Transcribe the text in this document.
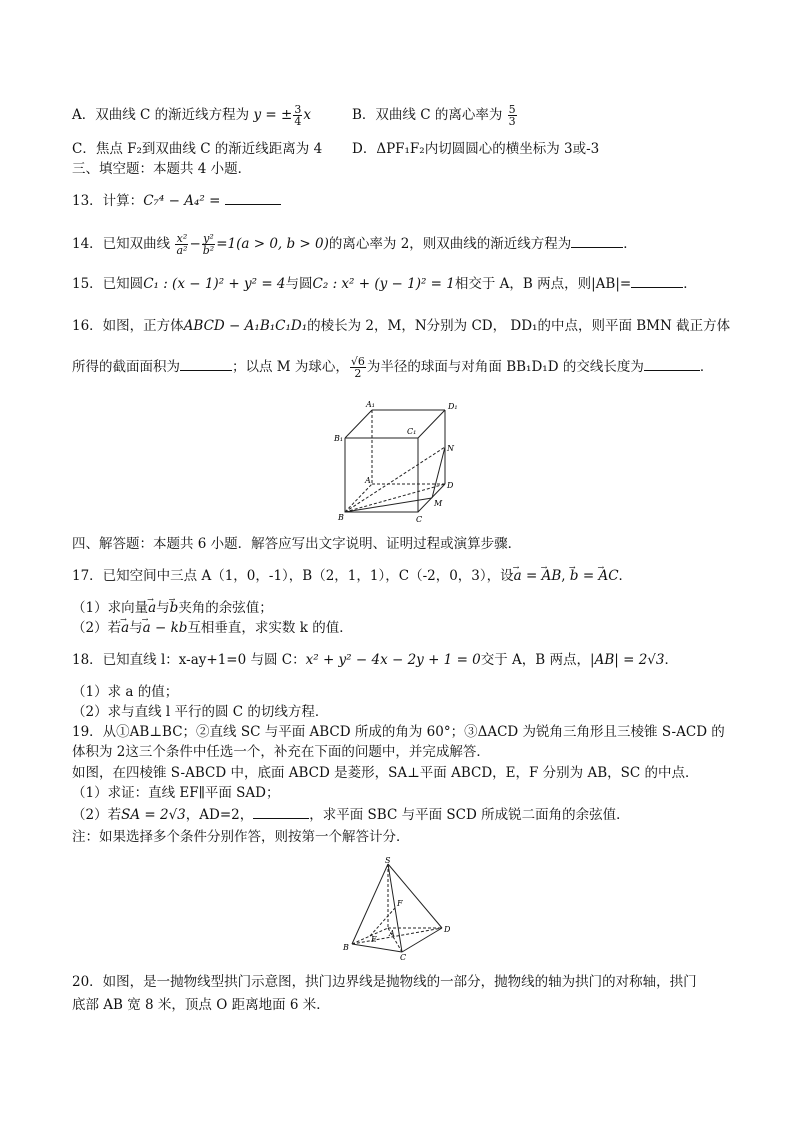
A．双曲线 C 的渐近线方程为 y = ± $\frac{3}{4}$ x	B．双曲线 C 的离心率为 $\frac{5}{3}$
C．焦点 F₂到双曲线 C 的渐近线距离为 4 D．ΔPF₁F₂内切圆圆心的横坐标为 3或-3
三、填空题：本题共 4 小题．
13．计算：C₇⁴ − A₄² =
14．已知双曲线 $\frac{\text{x²}}{\text{a²}} - \frac{\text{y²}}{\text{b²}} =1(a > 0$, b > 0)的离心率为 2，则双曲线的渐近线方程为	．
15．已知圆C₁ : (x − 1)² + y² = 4与圆C₂ : x² + (y − 1)² = 1相交于 A，B 两点，则|AB|=	．
16．如图，正方体ABCD − A₁B₁C₁D₁的棱长为 2，M，N分别为 CD， DD₁的中点，则平面 BMN 截正方体
所得的截面面积为	；以点 M 为球心， $\frac{√6}{2}$ 为半径的球面与对角面 BB₁D₁D 的交线长度为	．
A₁	D₁
B₁
C₁
N
A
D
M
B	C
四、解答题：本题共 6 小题．解答应写出文字说明、证明过程或演算步骤．
17．已知空间中三点 A（1，0，-1），B（2，1，1），C（-2，0，3），设→ a = → AB, → b = → AC．
（1）求向量→ a与→ b夹角的余弦值；
（2）若→ a与→ a − kb互相垂直，求实数 k 的值．
18．已知直线 l：x-ay+1=0 与圆 C：x² + y² − 4x − 2y + 1 = 0交于 A，B 两点，|AB| = 2√3．
（1）求 a 的值；
（2）求与直线 l 平行的圆 C 的切线方程．
19．从①AB⊥BC；②直线 SC 与平面 ABCD 所成的角为 60°；③ΔACD 为锐角三角形且三棱锥 S-ACD 的
体积为 2这三个条件中任选一个，补充在下面的问题中，并完成解答．
如图，在四棱锥 S-ABCD 中，底面 ABCD 是菱形，SA⊥平面 ABCD，E，F 分别为 AB，SC 的中点．
（1）求证：直线 EF∥平面 SAD；
（2）若SA = 2√3，AD=2，	，求平面 SBC 与平面 SCD 所成锐二面角的余弦值．
注：如果选择多个条件分别作答，则按第一个解答计分．
S
F
A
E
B
C
D
20．如图，是一抛物线型拱门示意图，拱门边界线是抛物线的一部分，抛物线的轴为拱门的对称轴，拱门
底部 AB 宽 8 米，顶点 O 距离地面 6 米．
